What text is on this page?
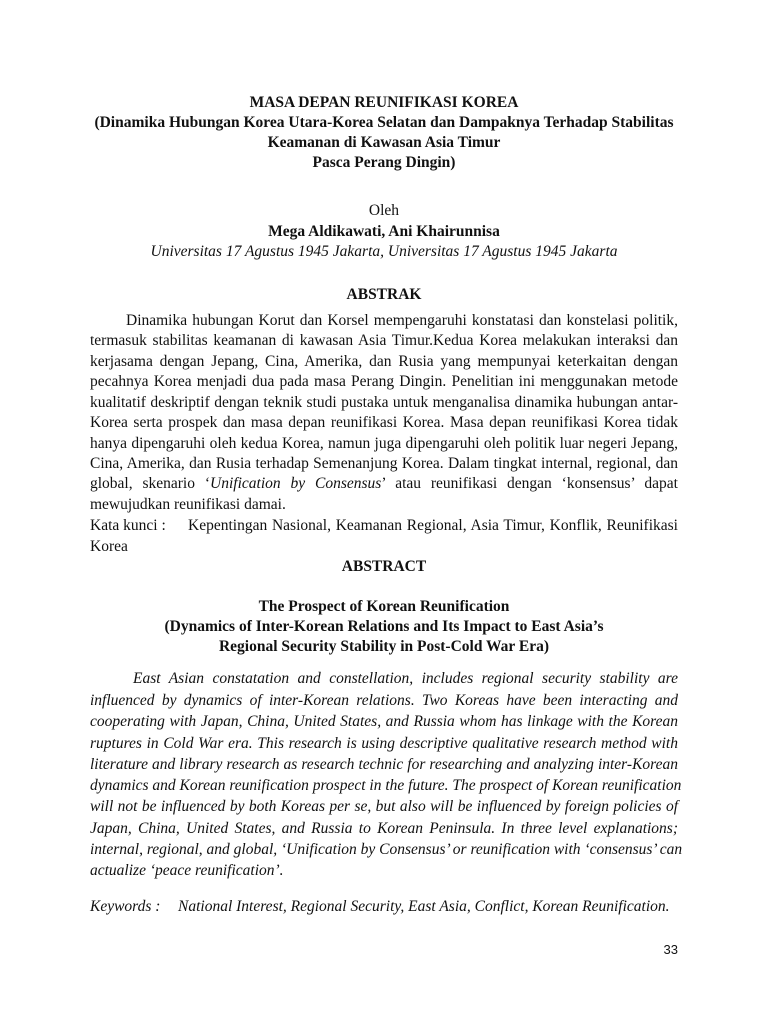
MASA DEPAN REUNIFIKASI KOREA
(Dinamika Hubungan Korea Utara-Korea Selatan dan Dampaknya Terhadap Stabilitas
Keamanan di Kawasan Asia Timur
Pasca Perang Dingin)
Oleh
Mega Aldikawati, Ani Khairunnisa
Universitas 17 Agustus 1945 Jakarta, Universitas 17 Agustus 1945 Jakarta
ABSTRAK
Dinamika hubungan Korut dan Korsel mempengaruhi konstatasi dan konstelasi politik,
termasuk stabilitas keamanan di kawasan Asia Timur.Kedua Korea melakukan interaksi dan
kerjasama dengan Jepang, Cina, Amerika, dan Rusia yang mempunyai keterkaitan dengan
pecahnya Korea menjadi dua pada masa Perang Dingin. Penelitian ini menggunakan metode
kualitatif deskriptif dengan teknik studi pustaka untuk menganalisa dinamika hubungan antar-
Korea serta prospek dan masa depan reunifikasi Korea. Masa depan reunifikasi Korea tidak
hanya dipengaruhi oleh kedua Korea, namun juga dipengaruhi oleh politik luar negeri Jepang,
Cina, Amerika, dan Rusia terhadap Semenanjung Korea. Dalam tingkat internal, regional, dan
global, skenario ‘Unification by Consensus’ atau reunifikasi dengan ‘konsensus’ dapat
mewujudkan reunifikasi damai.
Kata kunci : Kepentingan Nasional, Keamanan Regional, Asia Timur, Konflik, Reunifikasi
Korea
ABSTRACT
The Prospect of Korean Reunification
(Dynamics of Inter-Korean Relations and Its Impact to East Asia’s
Regional Security Stability in Post-Cold War Era)
East Asian constatation and constellation, includes regional security stability are
influenced by dynamics of inter-Korean relations. Two Koreas have been interacting and
cooperating with Japan, China, United States, and Russia whom has linkage with the Korean
ruptures in Cold War era. This research is using descriptive qualitative research method with
literature and library research as research technic for researching and analyzing inter-Korean
dynamics and Korean reunification prospect in the future. The prospect of Korean reunification
will not be influenced by both Koreas per se, but also will be influenced by foreign policies of
Japan, China, United States, and Russia to Korean Peninsula. In three level explanations;
internal, regional, and global, ‘Unification by Consensus’ or reunification with ‘consensus’ can
actualize ‘peace reunification’.
Keywords : National Interest, Regional Security, East Asia, Conflict, Korean Reunification.
33
